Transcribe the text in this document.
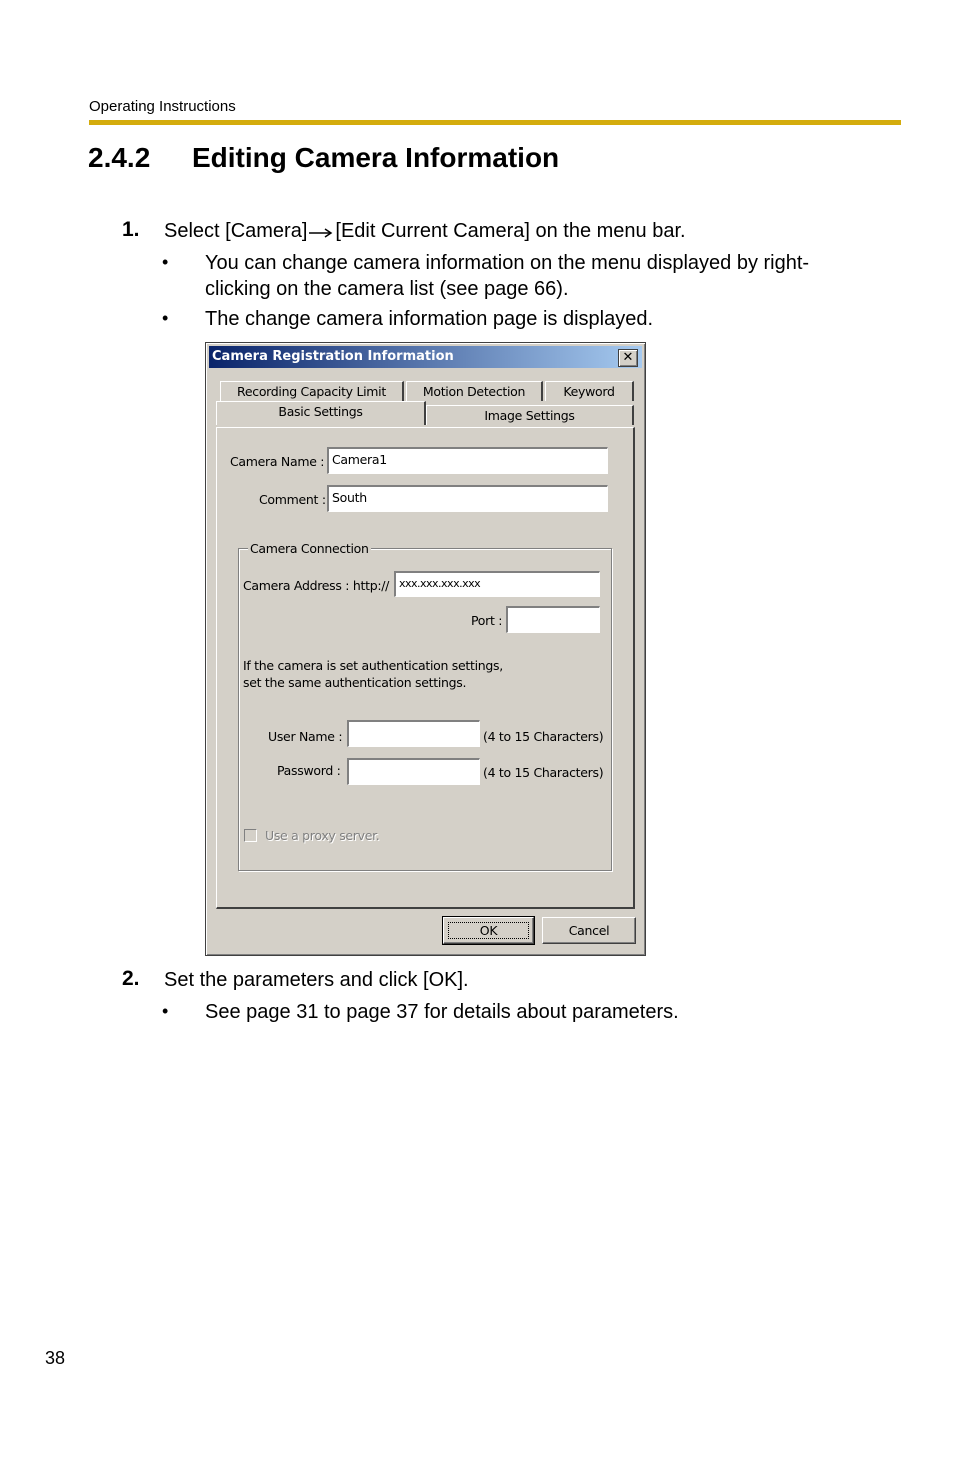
Operating Instructions
2.4.2 Editing Camera Information
1. Select [Camera] [Edit Current Camera] on the menu bar.
• You can change camera information on the menu displayed by right-
clicking on the camera list (see page 66).
• The change camera information page is displayed.
Camera Registration Information	✕
Recording Capacity Limit	Motion Detection	Keyword
Basic Settings	Image Settings
Camera Name : Camera1
Comment : South
Camera Connection
Camera Address : http:// xxx.xxx.xxx.xxx
Port :
If the camera is set authentication settings,
set the same authentication settings.
User Name :	(4 to 15 Characters)
Password :	(4 to 15 Characters)
Use a proxy server.
OK	Cancel
2. Set the parameters and click [OK].
• See page 31 to page 37 for details about parameters.
38
